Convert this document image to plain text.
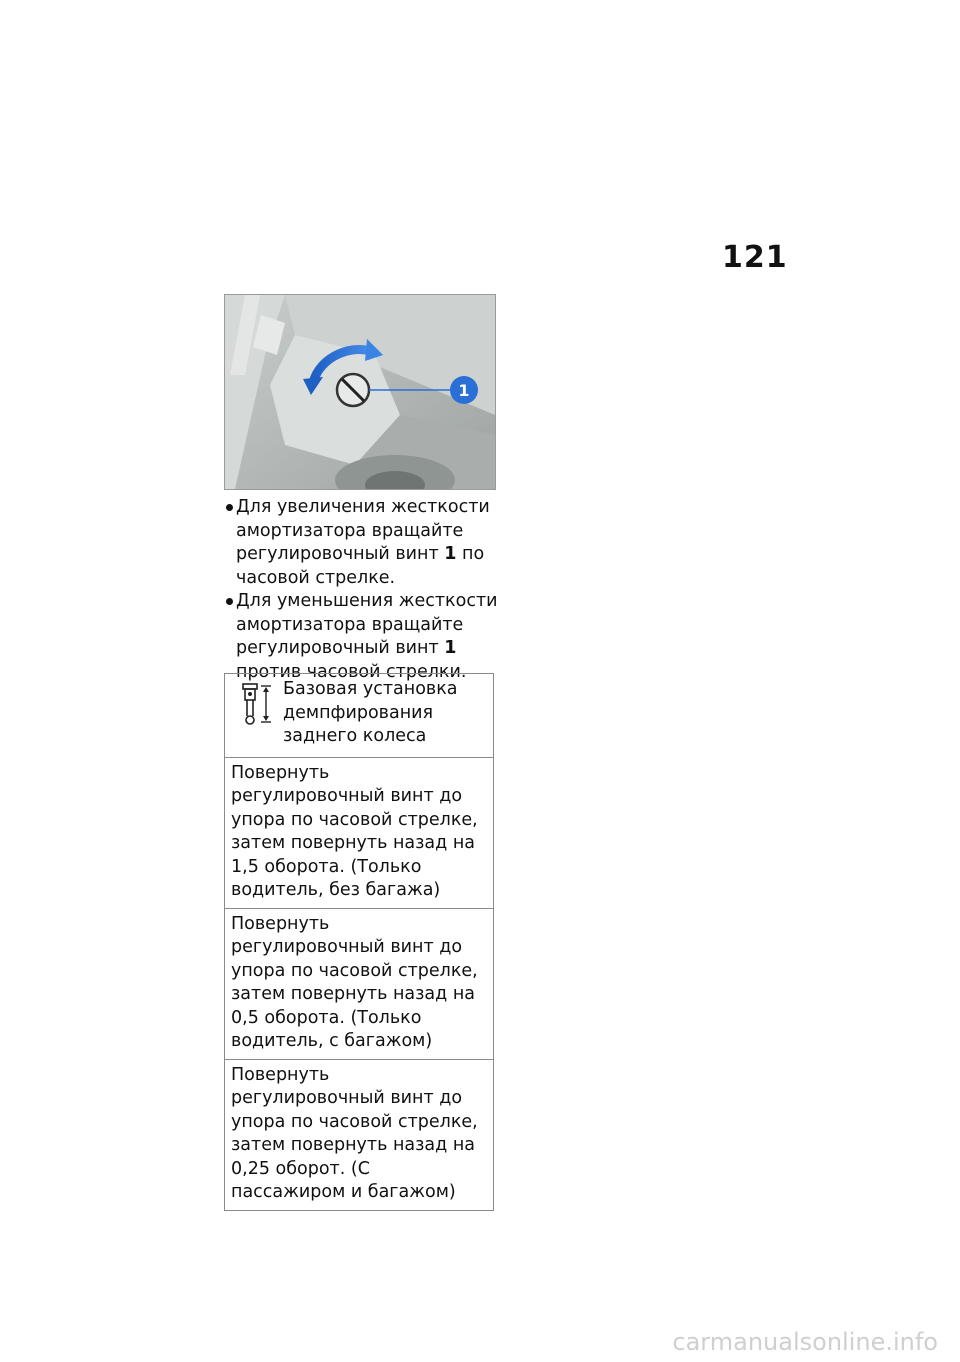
121
1
Для увеличения жесткости амортизатора вращайте регулировочный винт 1 по часовой стрелке.
Для уменьшения жесткости амортизатора вращайте регулировочный винт 1 против часовой стрелки.
Базовая установка демпфирования заднего колеса
Повернуть регулировочный винт до упора по часовой стрелке, затем повернуть назад на 1,5 оборота. (Только водитель, без багажа)
Повернуть регулировочный винт до упора по часовой стрелке, затем повернуть назад на 0,5 оборота. (Только водитель, с багажом)
Повернуть регулировочный винт до упора по часовой стрелке, затем повернуть назад на 0,25 оборот. (С пассажиром и багажом)
carmanualsonline.info
